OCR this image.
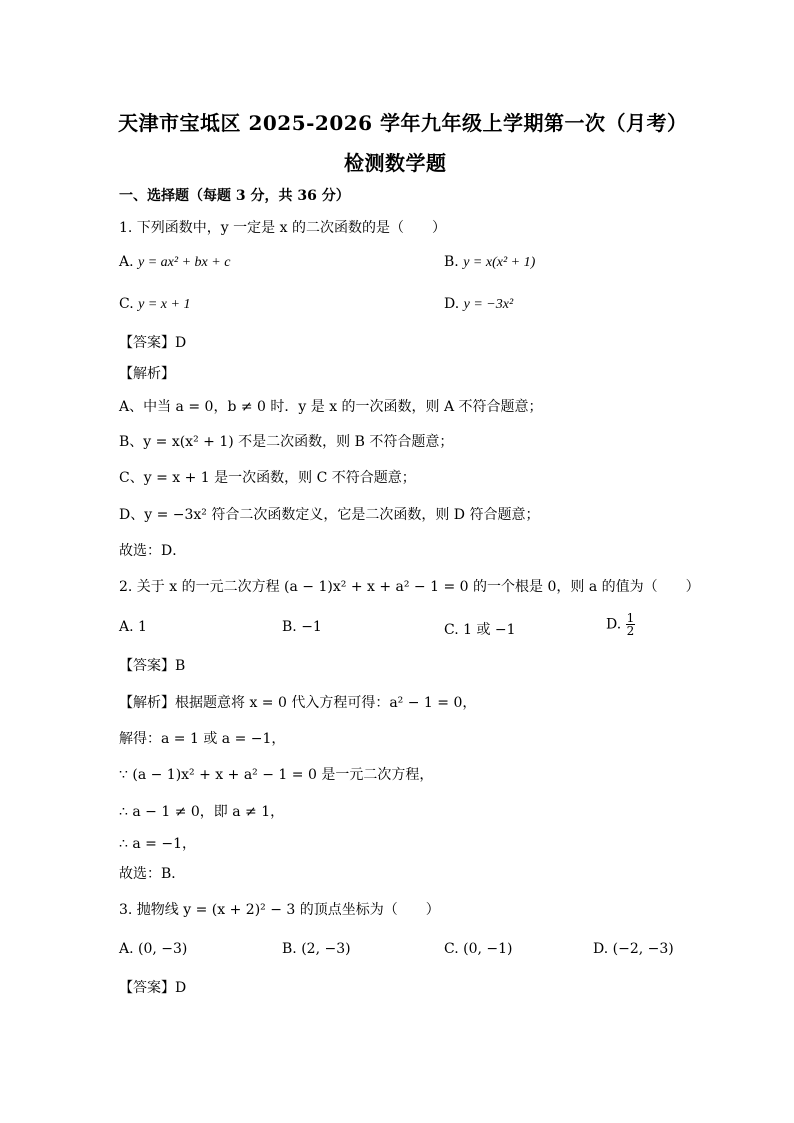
天津市宝坻区 2025-2026 学年九年级上学期第一次（月考）
检测数学题
一、选择题（每题 3 分，共 36 分）
1. 下列函数中，y 一定是 x 的二次函数的是（　　）
A. y = ax² + bx + c	B. y = x(x² + 1)
C. y = x + 1	D. y = −3x²
【答案】D
【解析】
A、中当 a = 0，b ≠ 0 时．y 是 x 的一次函数，则 A 不符合题意；
B、y = x(x² + 1) 不是二次函数，则 B 不符合题意；
C、y = x + 1 是一次函数，则 C 不符合题意；
D、y = −3x² 符合二次函数定义，它是二次函数，则 D 符合题意；
故选：D．
2. 关于 x 的一元二次方程 (a − 1)x² + x + a² − 1 = 0 的一个根是 0，则 a 的值为（　　）
A. 1	B. −1	C. 1 或 −1	D. $\frac{1}{2}$
【答案】B
【解析】根据题意将 x = 0 代入方程可得：a² − 1 = 0，
解得：a = 1 或 a = −1，
∵ (a − 1)x² + x + a² − 1 = 0 是一元二次方程，
∴ a − 1 ≠ 0，即 a ≠ 1，
∴ a = −1，
故选：B．
3. 抛物线 y = (x + 2)² − 3 的顶点坐标为（　　）
A. (0, −3)	B. (2, −3)	C. (0, −1)	D. (−2, −3)
【答案】D
